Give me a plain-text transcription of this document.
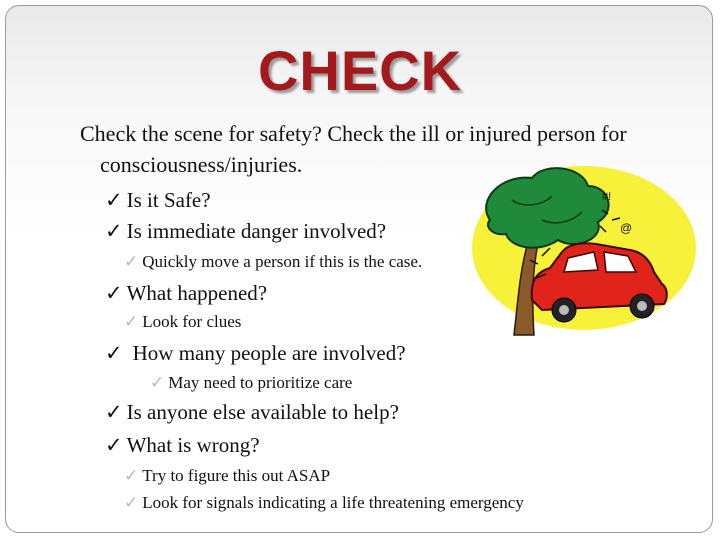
CHECK
Check the scene for safety? Check the ill or injured person for consciousness/injuries.
@
#!
✓ Is it Safe?
✓ Is immediate danger involved?
✓ Quickly move a person if this is the case.
✓ What happened?
✓ Look for clues
✓ How many people are involved?
✓ May need to prioritize care
✓ Is anyone else available to help?
✓ What is wrong?
✓ Try to figure this out ASAP
✓ Look for signals indicating a life threatening emergency
